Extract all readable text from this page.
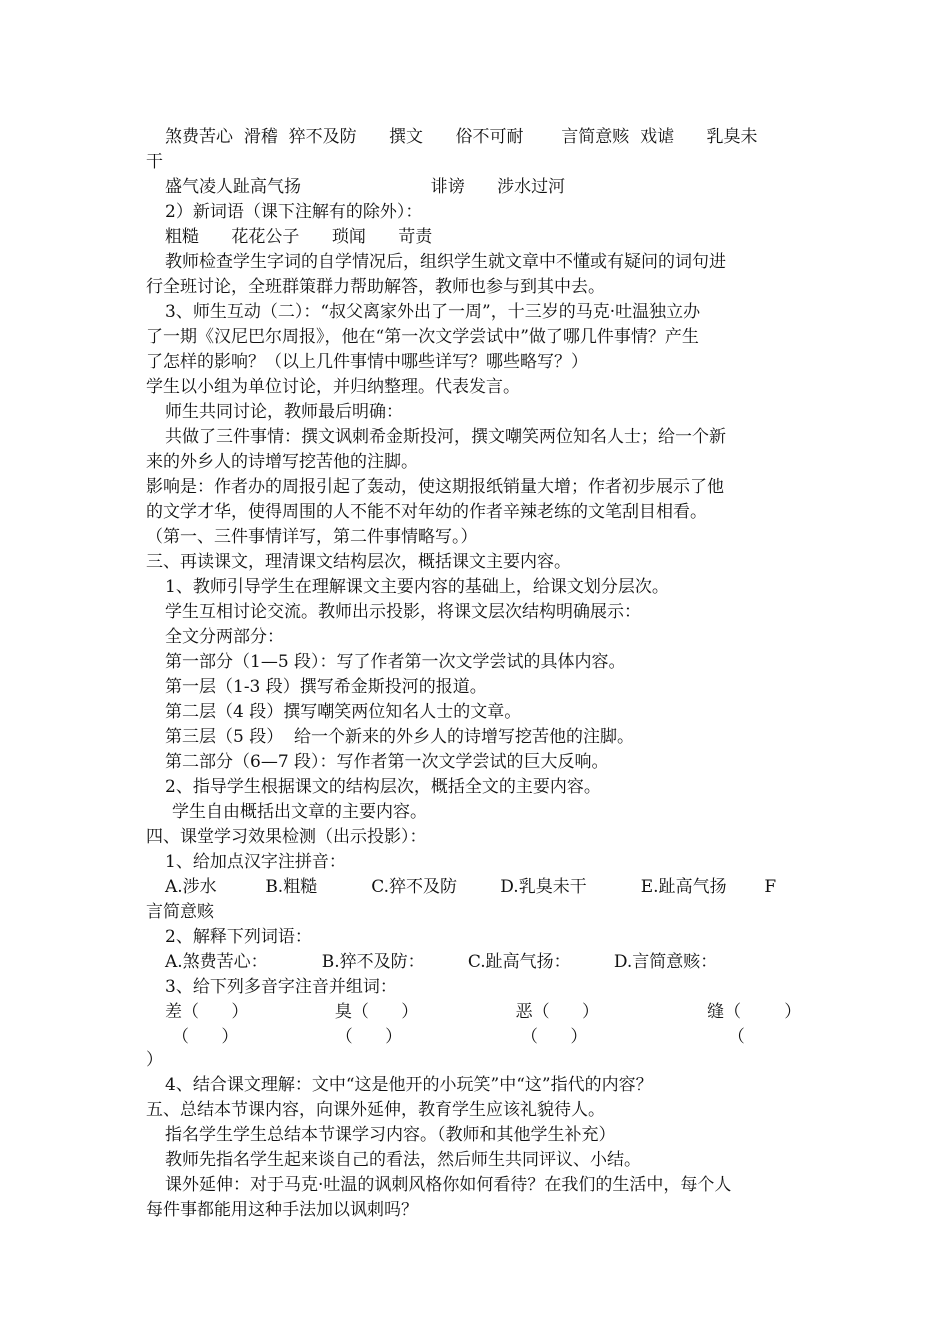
煞费苦心  滑稽  猝不及防      撰文      俗不可耐       言简意赅  戏谑      乳臭未

干

盛气凌人趾高气扬                        诽谤      涉水过河

2）新词语（课下注解有的除外）：

粗糙      花花公子      琐闻      苛责

教师检查学生字词的自学情况后，组织学生就文章中不懂或有疑问的词句进

行全班讨论，全班群策群力帮助解答，教师也参与到其中去。

3、师生互动（二）：“叔父离家外出了一周”，十三岁的马克·吐温独立办

了一期《汉尼巴尔周报》，他在“第一次文学尝试中”做了哪几件事情？产生

了怎样的影响？（以上几件事情中哪些详写？哪些略写？）

学生以小组为单位讨论，并归纳整理。代表发言。

师生共同讨论，教师最后明确：

共做了三件事情：撰文讽刺希金斯投河，撰文嘲笑两位知名人士；给一个新

来的外乡人的诗增写挖苦他的注脚。

影响是：作者办的周报引起了轰动，使这期报纸销量大增；作者初步展示了他

的文学才华，使得周围的人不能不对年幼的作者辛辣老练的文笔刮目相看。

（第一、三件事情详写，第二件事情略写。）

三、再读课文，理清课文结构层次，概括课文主要内容。

1、教师引导学生在理解课文主要内容的基础上，给课文划分层次。

学生互相讨论交流。教师出示投影，将课文层次结构明确展示：

全文分两部分：

第一部分（1—5 段）：写了作者第一次文学尝试的具体内容。

第一层（1-3 段）撰写希金斯投河的报道。

第二层（4 段）撰写嘲笑两位知名人士的文章。

第三层（5 段）  给一个新来的外乡人的诗增写挖苦他的注脚。

第二部分（6—7 段）：写作者第一次文学尝试的巨大反响。

2、指导学生根据课文的结构层次，概括全文的主要内容。

学生自由概括出文章的主要内容。

四、课堂学习效果检测（出示投影）：

1、给加点汉字注拼音：

A.涉水         B.粗糙          C.猝不及防        D.乳臭未干          E.趾高气扬       F

言简意赅

2、解释下列词语：

A.煞费苦心：          B.猝不及防：        C.趾高气扬：        D.言简意赅：

3、给下列多音字注音并组词：

差（      ）                臭（      ）                  恶（      ）                    缝（        ）

（      ）                  （      ）                      （      ）                          （

）

4、结合课文理解：文中“这是他开的小玩笑”中“这”指代的内容？

五、总结本节课内容，向课外延伸，教育学生应该礼貌待人。

指名学生学生总结本节课学习内容。（教师和其他学生补充）

教师先指名学生起来谈自己的看法，然后师生共同评议、小结。

课外延伸：对于马克·吐温的讽刺风格你如何看待？在我们的生活中，每个人

每件事都能用这种手法加以讽刺吗？
